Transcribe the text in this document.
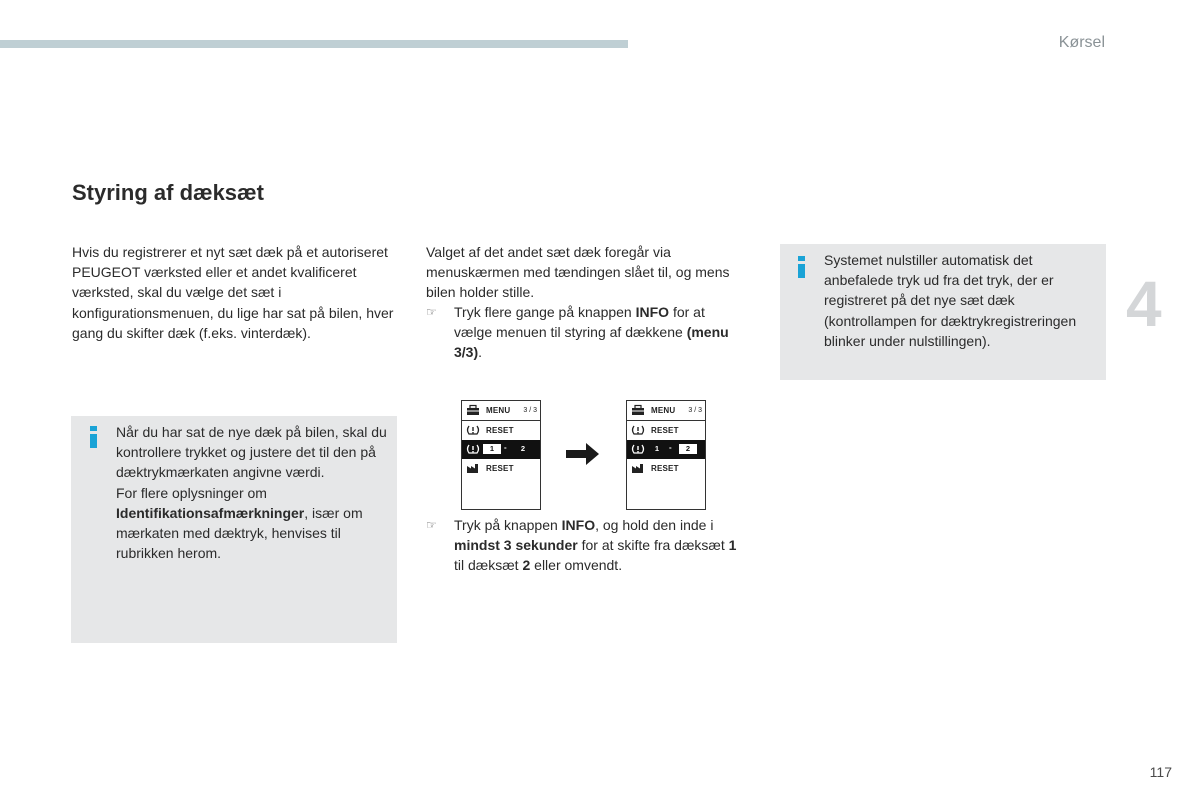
Kørsel
4
117
Styring af dæksæt

Hvis du registrerer et nyt sæt dæk på et autoriseret PEUGEOT værksted eller et andet kvalificeret værksted, skal du vælge det sæt i konfigurationsmenuen, du lige har sat på bilen, hver gang du skifter dæk (f.eks. vinterdæk).

Når du har sat de nye dæk på bilen, skal du kontrollere trykket og justere det til den på dæktrykmærkaten angivne værdi.
For flere oplysninger om Identifikationsafmærkninger, især om mærkaten med dæktryk, henvises til rubrikken herom.

Valget af det andet sæt dæk foregår via menuskærmen med tændingen slået til, og mens bilen holder stille.

☞ Tryk flere gange på knappen INFO for at vælge menuen til styring af dækkene (menu 3/3).
MENU 3 / 3
RESET
1	-	2
RESET
MENU 3 / 3
RESET
1	-	2
RESET
☞ Tryk på knappen INFO, og hold den inde i mindst 3 sekunder for at skifte fra dæksæt 1 til dæksæt 2 eller omvendt.
Systemet nulstiller automatisk det anbefalede tryk ud fra det tryk, der er registreret på det nye sæt dæk (kontrollampen for dæktrykregistreringen blinker under nulstillingen).
